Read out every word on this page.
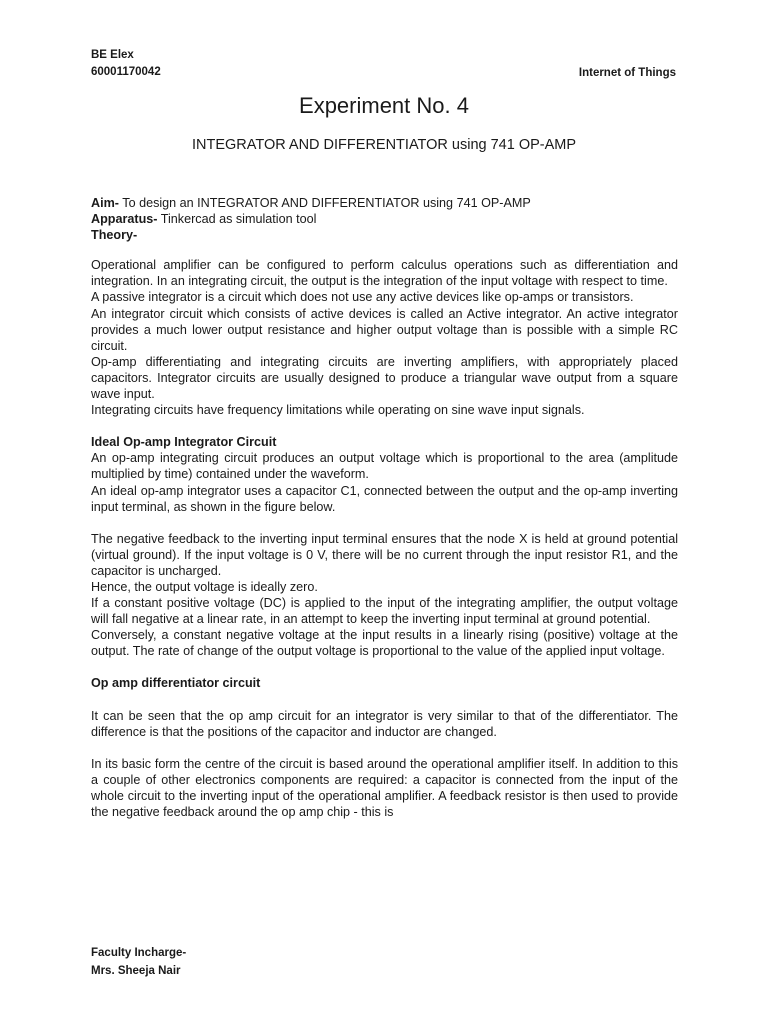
BE Elex
60001170042	Internet of Things
Experiment No. 4
INTEGRATOR AND DIFFERENTIATOR using 741 OP-AMP

Aim- To design an INTEGRATOR AND DIFFERENTIATOR using 741 OP-AMP

Apparatus- Tinkercad as simulation tool

Theory-

Operational amplifier can be configured to perform calculus operations such as differentiation and integration. In an integrating circuit, the output is the integration of the input voltage with respect to time.

A passive integrator is a circuit which does not use any active devices like op-amps or transistors.

An integrator circuit which consists of active devices is called an Active integrator. An active integrator provides a much lower output resistance and higher output voltage than is possible with a simple RC circuit.

Op-amp differentiating and integrating circuits are inverting amplifiers, with appropriately placed capacitors. Integrator circuits are usually designed to produce a triangular wave output from a square wave input.

Integrating circuits have frequency limitations while operating on sine wave input signals.

Ideal Op-amp Integrator Circuit

An op-amp integrating circuit produces an output voltage which is proportional to the area (amplitude multiplied by time) contained under the waveform.

An ideal op-amp integrator uses a capacitor C1, connected between the output and the op-amp inverting input terminal, as shown in the figure below.

The negative feedback to the inverting input terminal ensures that the node X is held at ground potential (virtual ground). If the input voltage is 0 V, there will be no current through the input resistor R1, and the capacitor is uncharged.

Hence, the output voltage is ideally zero.

If a constant positive voltage (DC) is applied to the input of the integrating amplifier, the output voltage will fall negative at a linear rate, in an attempt to keep the inverting input terminal at ground potential.

Conversely, a constant negative voltage at the input results in a linearly rising (positive) voltage at the output. The rate of change of the output voltage is proportional to the value of the applied input voltage.

Op amp differentiator circuit

It can be seen that the op amp circuit for an integrator is very similar to that of the differentiator. The difference is that the positions of the capacitor and inductor are changed.

In its basic form the centre of the circuit is based around the operational amplifier itself. In addition to this a couple of other electronics components are required: a capacitor is connected from the input of the whole circuit to the inverting input of the operational amplifier. A feedback resistor is then used to provide the negative feedback around the op amp chip - this is

Faculty Incharge-
Mrs. Sheeja Nair
